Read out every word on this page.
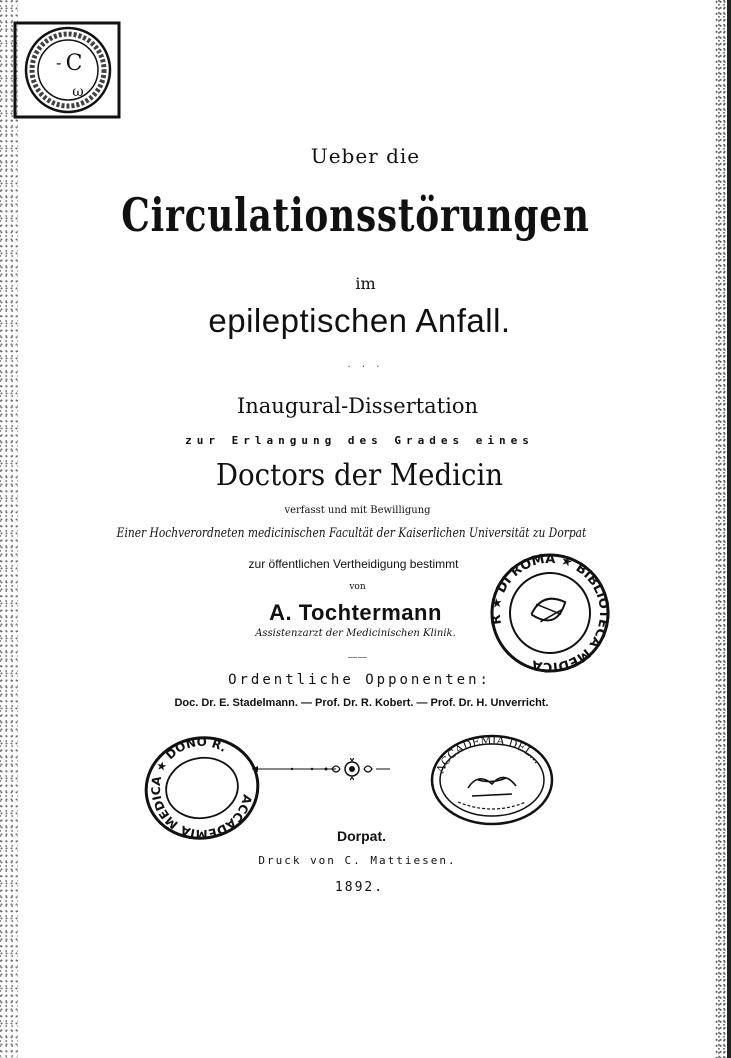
C
ω
-
Ueber die
Circulationsstörungen
im
epileptischen Anfall.
· · ·
Inaugural-Dissertation
zur Erlangung des Grades eines
Doctors der Medicin
verfasst und mit Bewilligung
Einer Hochverordneten medicinischen Facultät der Kaiserlichen Universität zu Dorpat
zur öffentlichen Vertheidigung bestimmt
von
A. Tochtermann
Assistenzarzt der Medicinischen Klinik.
——
Ordentliche Opponenten:
Doc. Dr. E. Stadelmann. — Prof. Dr. R. Kobert. — Prof. Dr. H. Unverricht.
R ★ DI ROMA ★ BIBLIOTECA MEDICA
ACCADEMIA MEDICA ★ DONO R.
ACCADEMIA DEL...
Dorpat.
Druck von C. Mattiesen.
1892.
